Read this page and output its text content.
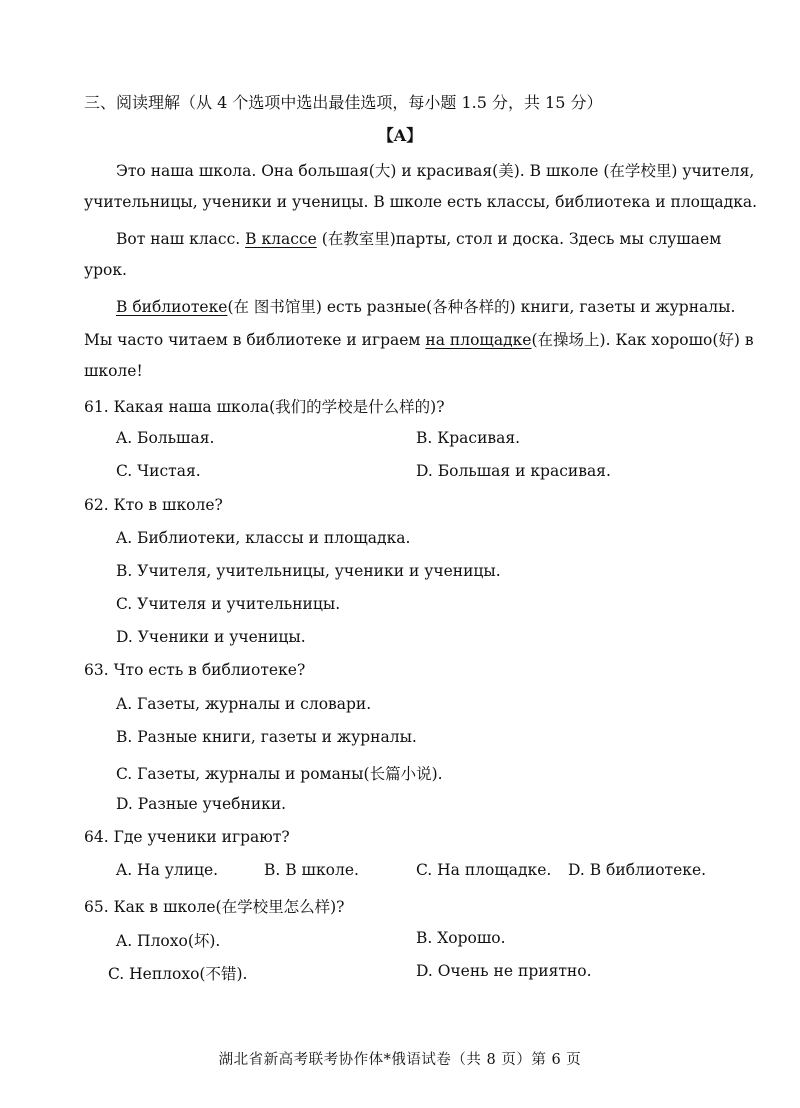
三、阅读理解（从 4 个选项中选出最佳选项，每小题 1.5 分，共 15 分）
【A】
Это наша школа. Она большая(大) и красивая(美). В школе (在学校里) учителя,
учительницы, ученики и ученицы. В школе есть классы, библиотека и площадка.
Вот наш класс. В классе (在教室里)парты, стол и доска. Здесь мы слушаем
урок.
В библиотеке(在 图书馆里) есть разные(各种各样的) книги, газеты и журналы.
Мы часто читаем в библиотеке и играем на площадке(在操场上). Как хорошо(好) в
школе!
61. Какая наша школа(我们的学校是什么样的)?
A. Большая.	B. Красивая.
C. Чистая.	D. Большая и красивая.
62. Кто в школе?
A. Библиотеки, классы и площадка.
B. Учителя, учительницы, ученики и ученицы.
C. Учителя и учительницы.
D. Ученики и ученицы.
63. Что есть в библиотеке?
A. Газеты, журналы и словари.
B. Разные книги, газеты и журналы.
C. Газеты, журналы и романы(长篇小说).
D. Разные учебники.
64. Где ученики играют?
A. На улице.	B. В школе.	C. На площадке. D. В библиотеке.
65. Как в школе(在学校里怎么样)?
A. Плохо(坏).	B. Хорошо.
C. Неплохо(不错).	D. Очень не приятно.
湖北省新高考联考协作体*俄语试卷（共 8 页）第 6 页
